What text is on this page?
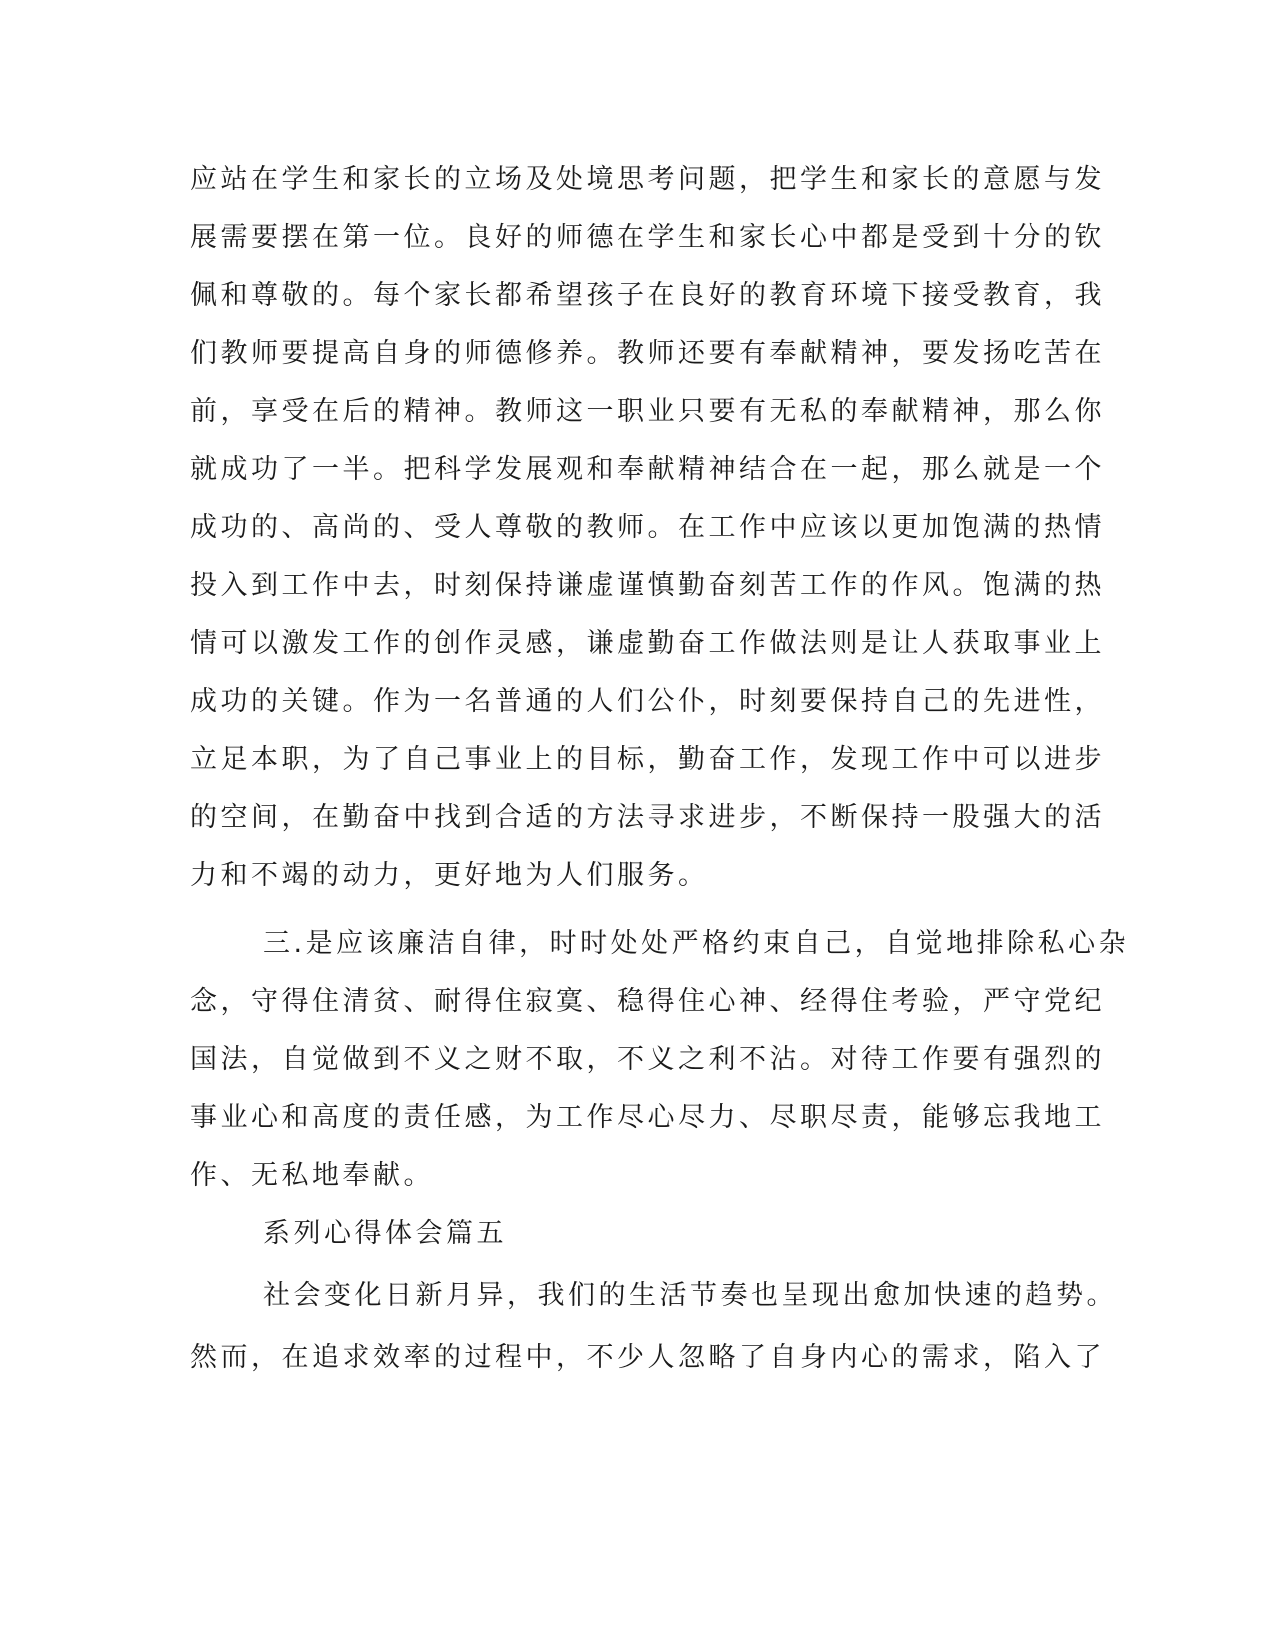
应站在学生和家长的立场及处境思考问题，把学生和家长的意愿与发
展需要摆在第一位。良好的师德在学生和家长心中都是受到十分的钦
佩和尊敬的。每个家长都希望孩子在良好的教育环境下接受教育，我
们教师要提高自身的师德修养。教师还要有奉献精神，要发扬吃苦在
前，享受在后的精神。教师这一职业只要有无私的奉献精神，那么你
就成功了一半。把科学发展观和奉献精神结合在一起，那么就是一个
成功的、高尚的、受人尊敬的教师。在工作中应该以更加饱满的热情
投入到工作中去，时刻保持谦虚谨慎勤奋刻苦工作的作风。饱满的热
情可以激发工作的创作灵感，谦虚勤奋工作做法则是让人获取事业上
成功的关键。作为一名普通的人们公仆，时刻要保持自己的先进性，
立足本职，为了自己事业上的目标，勤奋工作，发现工作中可以进步
的空间，在勤奋中找到合适的方法寻求进步，不断保持一股强大的活
力和不竭的动力，更好地为人们服务。
三.是应该廉洁自律，时时处处严格约束自己，自觉地排除私心杂
念，守得住清贫、耐得住寂寞、稳得住心神、经得住考验，严守党纪
国法，自觉做到不义之财不取，不义之利不沾。对待工作要有强烈的
事业心和高度的责任感，为工作尽心尽力、尽职尽责，能够忘我地工
作、无私地奉献。
系列心得体会篇五
社会变化日新月异，我们的生活节奏也呈现出愈加快速的趋势。
然而，在追求效率的过程中，不少人忽略了自身内心的需求，陷入了
